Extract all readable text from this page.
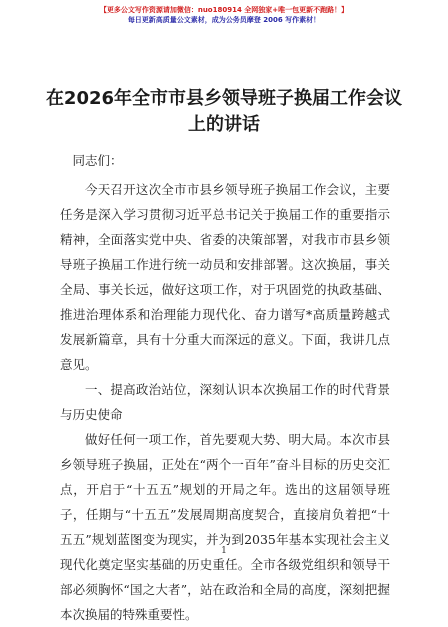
【更多公文写作资源请加微信：nuo180914 全网独家+唯一包更新不跑路！】
每日更新高质量公文素材，成为公务员摩登 2006 写作素材！
在2026年全市市县乡领导班子换届工作会议上的讲话

同志们：

今天召开这次全市市县乡领导班子换届工作会议，主要任务是深入学习贯彻习近平总书记关于换届工作的重要指示精神，全面落实党中央、省委的决策部署，对我市市县乡领导班子换届工作进行统一动员和安排部署。这次换届，事关全局、事关长远，做好这项工作，对于巩固党的执政基础、推进治理体系和治理能力现代化、奋力谱写*高质量跨越式发展新篇章，具有十分重大而深远的意义。下面，我讲几点意见。

一、提高政治站位，深刻认识本次换届工作的时代背景与历史使命

做好任何一项工作，首先要观大势、明大局。本次市县乡领导班子换届，正处在“两个一百年”奋斗目标的历史交汇点，开启于“十五五”规划的开局之年。选出的这届领导班子，任期与“十五五”发展周期高度契合，直接肩负着把“十五五”规划蓝图变为现实，并为到2035年基本实现社会主义现代化奠定坚实基础的历史重任。全市各级党组织和领导干部必须胸怀“国之大者”，站在政治和全局的高度，深刻把握本次换届的特殊重要性。

1
